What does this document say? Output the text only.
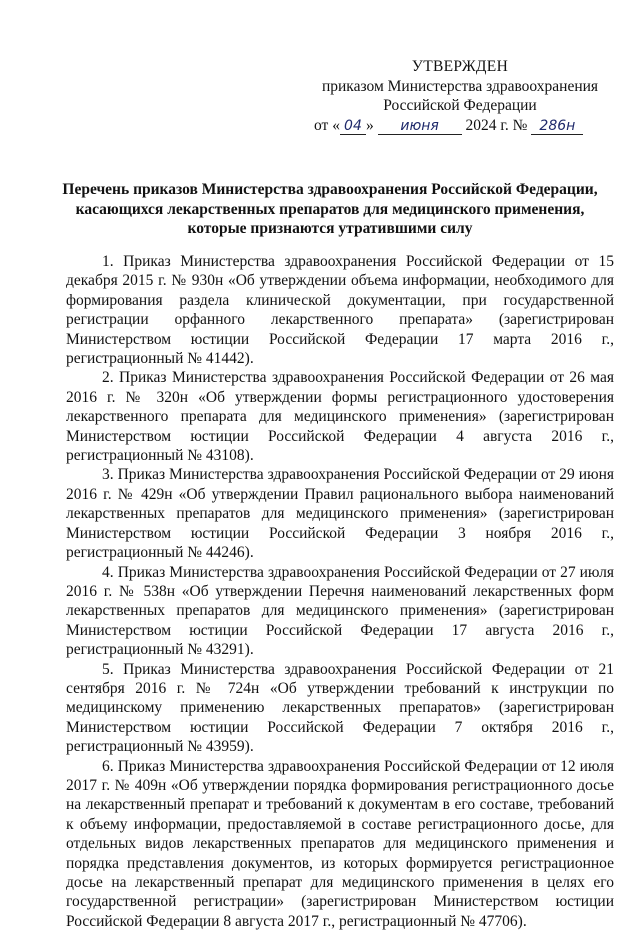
УТВЕРЖДЕН
приказом Министерства здравоохранения
Российской Федерации
от « 04 » июня 2024 г. № 286н
Перечень приказов Министерства здравоохранения Российской Федерации,
касающихся лекарственных препаратов для медицинского применения,
которые признаются утратившими силу

1. Приказ Министерства здравоохранения Российской Федерации от 15 декабря 2015 г. № 930н «Об утверждении объема информации, необходимого для формирования раздела клинической документации, при государственной регистрации орфанного лекарственного препарата» (зарегистрирован Министерством юстиции Российской Федерации 17 марта 2016 г., регистрационный № 41442).

2. Приказ Министерства здравоохранения Российской Федерации от 26 мая 2016 г. № 320н «Об утверждении формы регистрационного удостоверения лекарственного препарата для медицинского применения» (зарегистрирован Министерством юстиции Российской Федерации 4 августа 2016 г., регистрационный № 43108).

3. Приказ Министерства здравоохранения Российской Федерации от 29 июня 2016 г. № 429н «Об утверждении Правил рационального выбора наименований лекарственных препаратов для медицинского применения» (зарегистрирован Министерством юстиции Российской Федерации 3 ноября 2016 г., регистрационный № 44246).

4. Приказ Министерства здравоохранения Российской Федерации от 27 июля 2016 г. № 538н «Об утверждении Перечня наименований лекарственных форм лекарственных препаратов для медицинского применения» (зарегистрирован Министерством юстиции Российской Федерации 17 августа 2016 г., регистрационный № 43291).

5. Приказ Министерства здравоохранения Российской Федерации от 21 сентября 2016 г. № 724н «Об утверждении требований к инструкции по медицинскому применению лекарственных препаратов» (зарегистрирован Министерством юстиции Российской Федерации 7 октября 2016 г., регистрационный № 43959).

6. Приказ Министерства здравоохранения Российской Федерации от 12 июля 2017 г. № 409н «Об утверждении порядка формирования регистрационного досье на лекарственный препарат и требований к документам в его составе, требований к объему информации, предоставляемой в составе регистрационного досье, для отдельных видов лекарственных препаратов для медицинского применения и порядка представления документов, из которых формируется регистрационное досье на лекарственный препарат для медицинского применения в целях его государственной регистрации» (зарегистрирован Министерством юстиции Российской Федерации 8 августа 2017 г., регистрационный № 47706).
